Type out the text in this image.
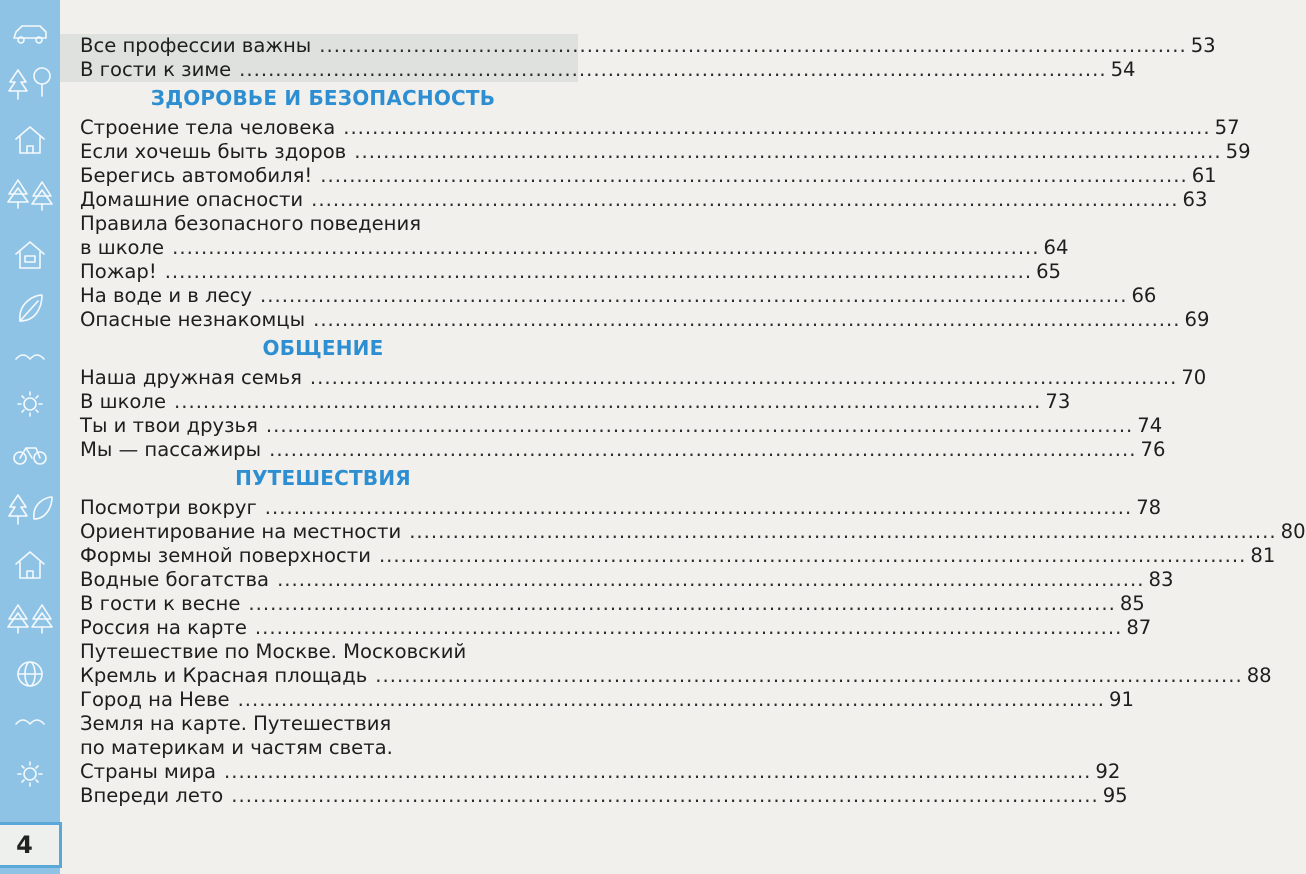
4
Все профессии важны ........................................................................................................................ 53
В гости к зиме ........................................................................................................................ 54
ЗДОРОВЬЕ И БЕЗОПАСНОСТЬ
Строение тела человека ........................................................................................................................ 57
Если хочешь быть здоров ........................................................................................................................ 59
Берегись автомобиля! ........................................................................................................................ 61
Домашние опасности ........................................................................................................................ 63
Правила безопасного поведения
в школе ........................................................................................................................ 64
Пожар! ........................................................................................................................ 65
На воде и в лесу ........................................................................................................................ 66
Опасные незнакомцы ........................................................................................................................ 69
ОБЩЕНИЕ
Наша дружная семья ........................................................................................................................ 70
В школе ........................................................................................................................ 73
Ты и твои друзья ........................................................................................................................ 74
Мы — пассажиры ........................................................................................................................ 76
ПУТЕШЕСТВИЯ
Посмотри вокруг ........................................................................................................................ 78
Ориентирование на местности ........................................................................................................................ 80
Формы земной поверхности ........................................................................................................................ 81
Водные богатства ........................................................................................................................ 83
В гости к весне ........................................................................................................................ 85
Россия на карте ........................................................................................................................ 87
Путешествие по Москве. Московский
Кремль и Красная площадь ........................................................................................................................ 88
Город на Неве ........................................................................................................................ 91
Земля на карте. Путешествия
по материкам и частям света.
Страны мира ........................................................................................................................ 92
Впереди лето ........................................................................................................................ 95
